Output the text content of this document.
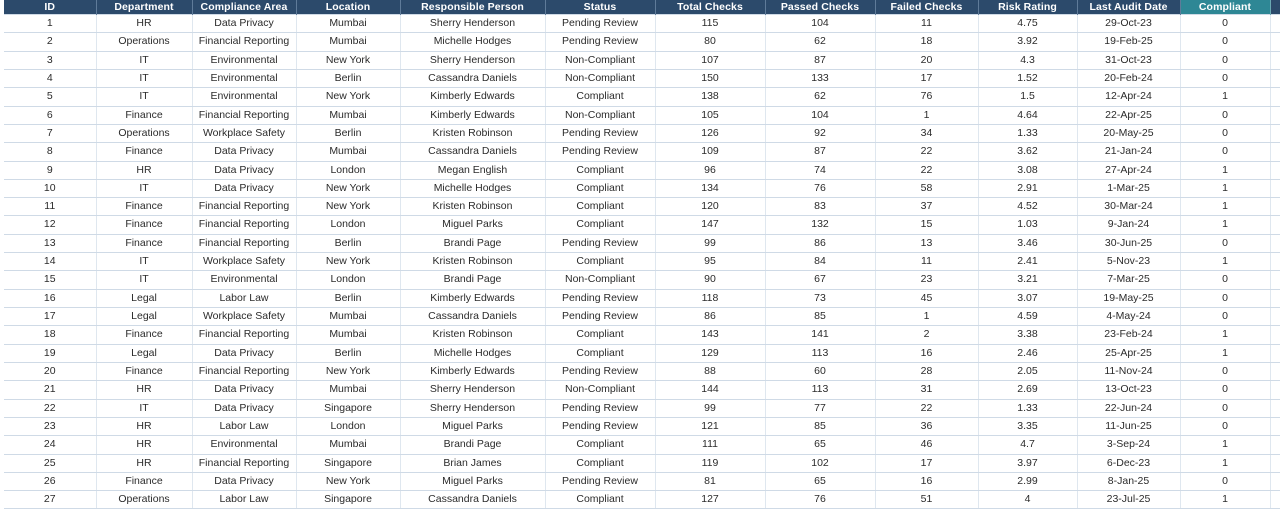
	ID	Department	Compliance Area	Location	Responsible Person	Status	Total Checks	Passed Checks	Failed Checks	Risk Rating	Last Audit Date	Compliant	
	1	HR	Data Privacy	Mumbai	Sherry Henderson	Pending Review	115	104	11	4.75	29-Oct-23	0	
	2	Operations	Financial Reporting	Mumbai	Michelle Hodges	Pending Review	80	62	18	3.92	19-Feb-25	0	
	3	IT	Environmental	New York	Sherry Henderson	Non-Compliant	107	87	20	4.3	31-Oct-23	0	
	4	IT	Environmental	Berlin	Cassandra Daniels	Non-Compliant	150	133	17	1.52	20-Feb-24	0	
	5	IT	Environmental	New York	Kimberly Edwards	Compliant	138	62	76	1.5	12-Apr-24	1	
	6	Finance	Financial Reporting	Mumbai	Kimberly Edwards	Non-Compliant	105	104	1	4.64	22-Apr-25	0	
	7	Operations	Workplace Safety	Berlin	Kristen Robinson	Pending Review	126	92	34	1.33	20-May-25	0	
	8	Finance	Data Privacy	Mumbai	Cassandra Daniels	Pending Review	109	87	22	3.62	21-Jan-24	0	
	9	HR	Data Privacy	London	Megan English	Compliant	96	74	22	3.08	27-Apr-24	1	
	10	IT	Data Privacy	New York	Michelle Hodges	Compliant	134	76	58	2.91	1-Mar-25	1	
	11	Finance	Financial Reporting	New York	Kristen Robinson	Compliant	120	83	37	4.52	30-Mar-24	1	
	12	Finance	Financial Reporting	London	Miguel Parks	Compliant	147	132	15	1.03	9-Jan-24	1	
	13	Finance	Financial Reporting	Berlin	Brandi Page	Pending Review	99	86	13	3.46	30-Jun-25	0	
	14	IT	Workplace Safety	New York	Kristen Robinson	Compliant	95	84	11	2.41	5-Nov-23	1	
	15	IT	Environmental	London	Brandi Page	Non-Compliant	90	67	23	3.21	7-Mar-25	0	
	16	Legal	Labor Law	Berlin	Kimberly Edwards	Pending Review	118	73	45	3.07	19-May-25	0	
	17	Legal	Workplace Safety	Mumbai	Cassandra Daniels	Pending Review	86	85	1	4.59	4-May-24	0	
	18	Finance	Financial Reporting	Mumbai	Kristen Robinson	Compliant	143	141	2	3.38	23-Feb-24	1	
	19	Legal	Data Privacy	Berlin	Michelle Hodges	Compliant	129	113	16	2.46	25-Apr-25	1	
	20	Finance	Financial Reporting	New York	Kimberly Edwards	Pending Review	88	60	28	2.05	11-Nov-24	0	
	21	HR	Data Privacy	Mumbai	Sherry Henderson	Non-Compliant	144	113	31	2.69	13-Oct-23	0	
	22	IT	Data Privacy	Singapore	Sherry Henderson	Pending Review	99	77	22	1.33	22-Jun-24	0	
	23	HR	Labor Law	London	Miguel Parks	Pending Review	121	85	36	3.35	11-Jun-25	0	
	24	HR	Environmental	Mumbai	Brandi Page	Compliant	111	65	46	4.7	3-Sep-24	1	
	25	HR	Financial Reporting	Singapore	Brian James	Compliant	119	102	17	3.97	6-Dec-23	1	
	26	Finance	Data Privacy	New York	Miguel Parks	Pending Review	81	65	16	2.99	8-Jan-25	0	
	27	Operations	Labor Law	Singapore	Cassandra Daniels	Compliant	127	76	51	4	23-Jul-25	1	
